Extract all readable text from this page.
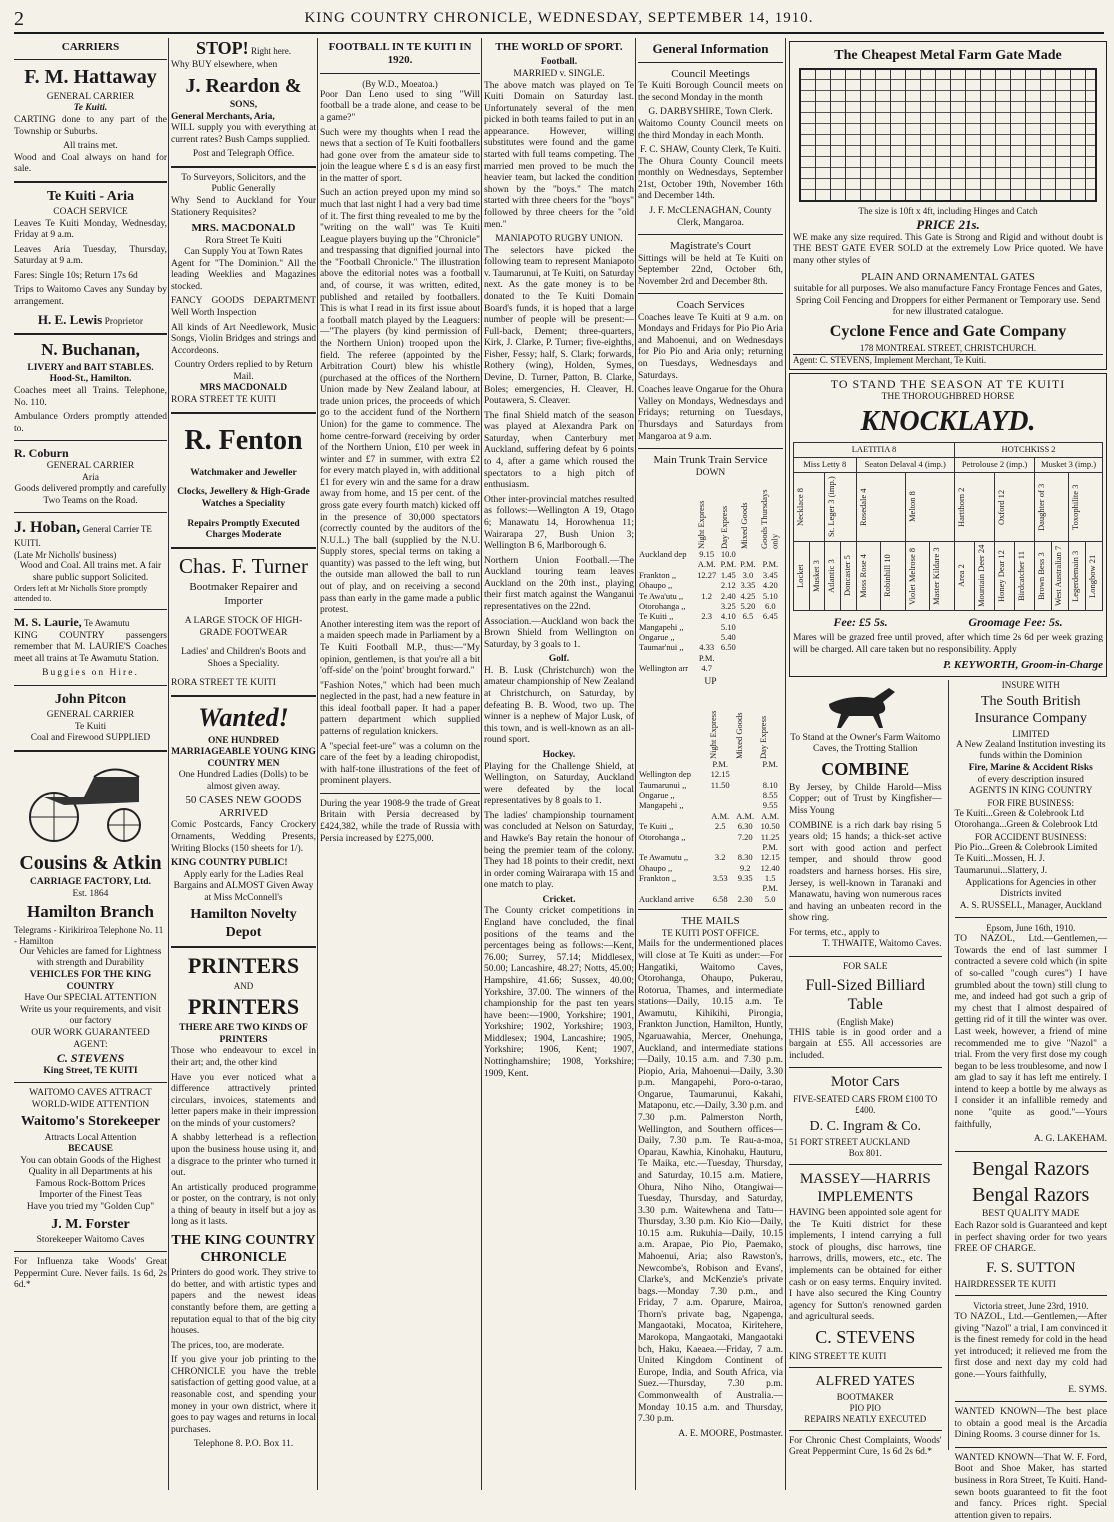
2	KING COUNTRY CHRONICLE, WEDNESDAY, SEPTEMBER 14, 1910.
CARRIERS
F. M. Hattaway
GENERAL CARRIER
Te Kuiti.

CARTING done to any part of the Township or Suburbs.

All trains met.

Wood and Coal always on hand for sale.

Te Kuiti - Aria
COACH SERVICE

Leaves Te Kuiti Monday, Wednesday, Friday at 9 a.m.

Leaves Aria Tuesday, Thursday, Saturday at 9 a.m.

Fares: Single 10s; Return 17s 6d

Trips to Waitomo Caves any Sunday by arrangement.

H. E. Lewis Proprietor
N. Buchanan,
LIVERY and BAIT STABLES.
Hood-St., Hamilton.

Coaches meet all Trains. Telephone, No. 110.

Ambulance Orders promptly attended to.

R. Coburn
GENERAL CARRIER
Aria
Goods delivered promptly and carefully
Two Teams on the Road.
J. Hoban, General Carrier TE KUITI.
(Late Mr Nicholls' business)
Wood and Coal. All trains met. A fair share public support Solicited.
Orders left at Mr Nicholls Store promptly attended to.
M. S. Laurie, Te Awamutu

KING COUNTRY passengers remember that M. LAURIE'S Coaches meet all trains at Te Awamutu Station.

Buggies on Hire.
John Pitcon
GENERAL CARRIER
Te Kuiti
Coal and Firewood SUPPLIED
Cousins & Atkin
CARRIAGE FACTORY, Ltd.
Est. 1864
Hamilton Branch
Telegrams - Kirikiriroa Telephone No. 11 - Hamilton
Our Vehicles are famed for Lightness with strength and Durability
VEHICLES FOR THE KING COUNTRY
Have Our SPECIAL ATTENTION
Write us your requirements, and visit our factory
OUR WORK GUARANTEED
AGENT:
C. STEVENS
King Street, TE KUITI
WAITOMO CAVES ATTRACT WORLD-WIDE ATTENTION
Waitomo's Storekeeper
Attracts Local Attention
BECAUSE
You can obtain Goods of the Highest Quality in all Departments at his Famous Rock-Bottom Prices
Importer of the Finest Teas
Have you tried my "Golden Cup"
J. M. Forster
Storekeeper Waitomo Caves

For Influenza take Woods' Great Peppermint Cure. Never fails. 1s 6d, 2s 6d.*

STOP! Right here.
Why BUY elsewhere, when
J. Reardon &
SONS,
General Merchants, Aria,

WILL supply you with everything at current rates? Bush Camps supplied.

Post and Telegraph Office.
To Surveyors, Solicitors, and the Public Generally

Why Send to Auckland for Your Stationery Requisites?

MRS. MACDONALD
Rora Street Te Kuiti
Can Supply You at Town Rates

Agent for "The Dominion." All the leading Weeklies and Magazines stocked.

FANCY GOODS DEPARTMENT Well Worth Inspection

All kinds of Art Needlework, Music Songs, Violin Bridges and strings and Accordeons.

Country Orders replied to by Return Mail.
MRS MACDONALD
RORA STREET TE KUITI
R. Fenton
Watchmaker and Jeweller
Clocks, Jewellery & High-Grade Watches a Speciality
Repairs Promptly Executed
Charges Moderate
Chas. F. Turner
Bootmaker Repairer and Importer
A LARGE STOCK OF HIGH-GRADE FOOTWEAR
Ladies' and Children's Boots and Shoes a Speciality.
RORA STREET TE KUITI
Wanted!
ONE HUNDRED MARRIAGEABLE YOUNG KING COUNTRY MEN
One Hundred Ladies (Dolls) to be almost given away.
50 CASES NEW GOODS ARRIVED

Comic Postcards, Fancy Crockery Ornaments, Wedding Presents, Writing Blocks (150 sheets for 1/).

KING COUNTRY PUBLIC!
Apply early for the Ladies Real Bargains and ALMOST Given Away at Miss McConnell's
Hamilton Novelty Depot
PRINTERS
AND
PRINTERS
THERE ARE TWO KINDS OF PRINTERS

Those who endeavour to excel in their art; and, the other kind

Have you ever noticed what a difference attractively printed circulars, invoices, statements and letter papers make in their impression on the minds of your customers?

A shabby letterhead is a reflection upon the business house using it, and a disgrace to the printer who turned it out.

An artistically produced programme or poster, on the contrary, is not only a thing of beauty in itself but a joy as long as it lasts.

THE KING COUNTRY CHRONICLE

Printers do good work. They strive to do better, and with artistic types and papers and the newest ideas constantly before them, are getting a reputation equal to that of the big city houses.

The prices, too, are moderate.

If you give your job printing to the CHRONICLE you have the treble satisfaction of getting good value, at a reasonable cost, and spending your money in your own district, where it goes to pay wages and returns in local purchases.

Telephone 8. P.O. Box 11.
FOOTBALL IN TE KUITI IN 1920.
(By W.D., Moeatoa.)

Poor Dan Leno used to sing "Will football be a trade alone, and cease to be a game?"

Such were my thoughts when I read the news that a section of Te Kuiti footballers had gone over from the amateur side to join the league where £ s d is an easy first in the matter of sport.

Such an action preyed upon my mind so much that last night I had a very bad time of it. The first thing revealed to me by the "writing on the wall" was Te Kuiti League players buying up the "Chronicle" and trespassing that dignified journal into the "Football Chronicle." The illustration above the editorial notes was a football and, of course, it was written, edited, published and retailed by footballers. This is what I read in its first issue about a football match played by the Leaguers:—"The players (by kind permission of the Northern Union) trooped upon the field. The referee (appointed by the Arbitration Court) blew his whistle (purchased at the offices of the Northern Union made by New Zealand labour, at trade union prices, the proceeds of which go to the accident fund of the Northern Union) for the game to commence. The home centre-forward (receiving by order of the Northern Union, £10 per week in winter and £7 in summer, with extra £2 for every match played in, with additional £1 for every win and the same for a draw away from home, and 15 per cent. of the gross gate every fourth match) kicked off in the presence of 30,000 spectators (correctly counted by the auditors of the N.U.L.) The ball (supplied by the N.U. Supply stores, special terms on taking a quantity) was passed to the left wing, but the outside man allowed the ball to run out of play, and on receiving a second pass than early in the game made a public protest.

Another interesting item was the report of a maiden speech made in Parliament by a Te Kuiti Football M.P., thus:—"My opinion, gentlemen, is that you're all a bit 'off-side' on the 'point' brought forward."

"Fashion Notes," which had been much neglected in the past, had a new feature in this ideal football paper. It had a paper pattern department which supplied patterns of regulation knickers.

A "special feet-ure" was a column on the care of the feet by a leading chiropodist, with half-tone illustrations of the feet of prominent players.

During the year 1908-9 the trade of Great Britain with Persia decreased by £424,382, while the trade of Russia with Persia increased by £275,000.

THE WORLD OF SPORT.
Football.
MARRIED v. SINGLE.

The above match was played on Te Kuiti Domain on Saturday last. Unfortunately several of the men picked in both teams failed to put in an appearance. However, willing substitutes were found and the game started with full teams competing. The married men proved to be much the heavier team, but lacked the condition shown by the "boys." The match started with three cheers for the "boys" followed by three cheers for the "old men."

MANIAPOTO RUGBY UNION.

The selectors have picked the following team to represent Maniapoto v. Taumarunui, at Te Kuiti, on Saturday next. As the gate money is to be donated to the Te Kuiti Domain Board's funds, it is hoped that a large number of people will be present:—Full-back, Dement; three-quarters, Kirk, J. Clarke, P. Turner; five-eighths, Fisher, Fessy; half, S. Clark; forwards, Rothery (wing), Holden, Symes, Devine, D. Turner, Patton, B. Clarke, Boles; emergencies, H. Cleaver, H. Poutawera, S. Cleaver.

The final Shield match of the season was played at Alexandra Park on Saturday, when Canterbury met Auckland, suffering defeat by 6 points to 4, after a game which roused the spectators to a high pitch of enthusiasm.

Other inter-provincial matches resulted as follows:—Wellington A 19, Otago 6; Manawatu 14, Horowhenua 11; Wairarapa 27, Bush Union 3; Wellington B 6, Marlborough 6.

Northern Union Football.—The Auckland touring team leaves Auckland on the 20th inst., playing their first match against the Wanganui representatives on the 22nd.

Association.—Auckland won back the Brown Shield from Wellington on Saturday, by 3 goals to 1.

Golf.

H. B. Lusk (Christchurch) won the amateur championship of New Zealand at Christchurch, on Saturday, by defeating B. B. Wood, two up. The winner is a nephew of Major Lusk, of this town, and is well-known as an all-round sport.

Hockey.

Playing for the Challenge Shield, at Wellington, on Saturday, Auckland were defeated by the local representatives by 8 goals to 1.

The ladies' championship tournament was concluded at Nelson on Saturday, and Hawke's Bay retain the honour of being the premier team of the colony. They had 18 points to their credit, next in order coming Wairarapa with 15 and one match to play.

Cricket.

The County cricket competitions in England have concluded, the final positions of the teams and the percentages being as follows:—Kent, 76.00; Surrey, 57.14; Middlesex, 50.00; Lancashire, 48.27; Notts, 45.00; Hampshire, 41.66; Sussex, 40.00; Yorkshire, 37.00. The winners of the championship for the past ten years have been:—1900, Yorkshire; 1901, Yorkshire; 1902, Yorkshire; 1903, Middlesex; 1904, Lancashire; 1905, Yorkshire; 1906, Kent; 1907, Nottinghamshire; 1908, Yorkshire; 1909, Kent.

General Information
Council Meetings

Te Kuiti Borough Council meets on the second Monday in the month

G. DARBYSHIRE, Town Clerk.

Waitomo County Council meets on the third Monday in each Month.

F. C. SHAW, County Clerk, Te Kuiti.

The Ohura County Council meets monthly on Wednesdays, September 21st, October 19th, November 16th and December 14th.

J. F. McCLENAGHAN, County Clerk, Mangaroa.
Magistrate's Court

Sittings will be held at Te Kuiti on September 22nd, October 6th, November 2rd and December 8th.

Coach Services

Coaches leave Te Kuiti at 9 a.m. on Mondays and Fridays for Pio Pio Aria and Mahoenui, and on Wednesdays for Pio Pio and Aria only; returning on Tuesdays, Wednesdays and Saturdays.

Coaches leave Ongarue for the Ohura Valley on Mondays, Wednesdays and Fridays; returning on Tuesdays, Thursdays and Saturdays from Mangaroa at 9 a.m.

Main Trunk Train Service
DOWN

	Night Express	Day Express	Mixed Goods	Goods Thursdays only

Auckland dep	9.15	10.0		
	A.M.	P.M.	P.M.	P.M.
Frankton ,,	12.27	1.45	3.0	3.45
Ohaupo ,,		2.12	3.35	4.20
Te Awa'utu ,,	1.2	2.40	4.25	5.10
Otorohanga ,,		3.25	5.20	6.0
Te Kuiti ,,	2.3	4.10	6.5	6.45
Mangapehi ,,		5.10		
Ongarue ,,		5.40		
Taumar'nui ,,	4.33	6.50		
	P.M.			
Wellington arr	4.7			
UP

	Night Express	Mixed Goods	Day Express

	P.M.		P.M.
Wellington dep	12.15		
Taumarunui ,,	11.50		8.10
Ongarue ,,			8.55
Mangapehi ,,			9.55
	A.M.	A.M.	A.M.
Te Kuiti ,,	2.5	6.30	10.50
Otorohanga ,,		7.20	11.25
			P.M.
Te Awamutu ,,	3.2	8.30	12.15
Ohaupo ,,		9.2	12.40
Frankton ,,	3.53	9.35	1.5
			P.M.
Auckland arrive	6.58	2.30	5.0
THE MAILS
TE KUITI POST OFFICE.

Mails for the undermentioned places will close at Te Kuiti as under:—For Hangatiki, Waitomo Caves, Otorohanga, Ohaupo, Pukerau, Rotorua, Thames, and intermediate stations—Daily, 10.15 a.m. Te Awamutu, Kihikihi, Pirongia, Frankton Junction, Hamilton, Huntly, Ngaruawahia, Mercer, Onehunga, Auckland, and intermediate stations—Daily, 10.15 a.m. and 7.30 p.m. Piopio, Aria, Mahoenui—Daily, 3.30 p.m. Mangapehi, Poro-o-tarao, Ongarue, Taumarunui, Kakahi, Mataponu, etc.—Daily, 3.30 p.m. and 7.30 p.m. Palmerston North, Wellington, and Southern offices—Daily, 7.30 p.m. Te Rau-a-moa, Oparau, Kawhia, Kinohaku, Hauturu, Te Maika, etc.—Tuesday, Thursday, and Saturday, 10.15 a.m. Matiere, Ohura, Niho Niho, Otangiwai—Tuesday, Thursday, and Saturday, 3.30 p.m. Waitewhena and Tatu—Thursday, 3.30 p.m. Kio Kio—Daily, 10.15 a.m. Rukuhia—Daily, 10.15 a.m. Arapae, Pio Pio, Paemako, Mahoenui, Aria; also Rawston's, Newcombe's, Robison and Evans', Clarke's, and McKenzie's private bags.—Monday 7.30 p.m., and Friday, 7 a.m. Oparure, Mairoa, Thorn's private bag, Ngapenga, Mangaotaki, Mocatoa, Kiritehere, Marokopa, Mangaotaki, Mangaotaki bch, Haku, Kaeaea.—Friday, 7 a.m. United Kingdom Continent of Europe, India, and South Africa, via Suez.—Thursday, 7.30 p.m. Commonwealth of Australia.—Monday 10.15 a.m. and Thursday, 7.30 p.m.

A. E. MOORE, Postmaster.
The Cheapest Metal Farm Gate Made
The size is 10ft x 4ft, including Hinges and Catch
PRICE 21s.

WE make any size required. This Gate is Strong and Rigid and without doubt is THE BEST GATE EVER SOLD at the extremely Low Price quoted. We have many other styles of

PLAIN AND ORNAMENTAL GATES

suitable for all purposes. We also manufacture Fancy Frontage Fences and Gates, Spring Coil Fencing and Droppers for either Permanent or Temporary use. Send for new illustrated catalogue.

Cyclone Fence and Gate Company
178 MONTREAL STREET, CHRISTCHURCH.
Agent: C. STEVENS, Implement Merchant, Te Kuiti.
TO STAND THE SEASON AT TE KUITI
THE THOROUGHBRED HORSE
KNOCKLAYD.
LAETITIA 8								HOTCHKISS 2							
Miss Letty 8				Seaton Delaval 4 (imp.)				Petrolouse 2 (imp.)				Musket 3 (imp.)			

Necklace 8		St. Leger 3 (imp.)		Rosedale 4		Melton 8		Hartthorn 2		Oxford 12		Daughter of 3		Toxophilite 3	

Locket	Musket 3	Atlantic 3	Doncaster 5	Moss Rose 4	Robinhill 10	Violet Melrose 8	Master Kildare 3	Area 2	Mountain Deer 24	Honey Dear 12	Birdcatcher 11	Brown Bess 3	West Australian 7	Legerdemain 3	Longbow 21
Fee: £5 5s.	Groomage Fee: 5s.

Mares will be grazed free until proved, after which time 2s 6d per week grazing will be charged. All care taken but no responsibility. Apply

P. KEYWORTH, Groom-in-Charge

To Stand at the Owner's Farm Waitomo Caves, the Trotting Stallion

COMBINE

By Jersey, by Childe Harold—Miss Copper; out of Trust by Kingfisher—Miss Young

COMBINE is a rich dark bay rising 5 years old; 15 hands; a thick-set active sort with good action and perfect temper, and should throw good roadsters and harness horses. His sire, Jersey, is well-known in Taranaki and Manawatu, having won numerous races and having an unbeaten record in the show ring.

For terms, etc., apply to
T. THWAITE, Waitomo Caves.
FOR SALE
Full-Sized Billiard Table
(English Make)

THIS table is in good order and a bargain at £55. All accessories are included.

Motor Cars
FIVE-SEATED CARS FROM £100 TO £400.
D. C. Ingram & Co.
51 FORT STREET AUCKLAND
Box 801.
MASSEY—HARRIS IMPLEMENTS

HAVING been appointed sole agent for the Te Kuiti district for these implements, I intend carrying a full stock of ploughs, disc harrows, tine harrows, drills, mowers, etc., etc. The implements can be obtained for either cash or on easy terms. Enquiry invited. I have also secured the King Country agency for Sutton's renowned garden and agricultural seeds.

C. STEVENS
KING STREET TE KUITI
ALFRED YATES
BOOTMAKER
PIO PIO
REPAIRS NEATLY EXECUTED

For Chronic Chest Complaints, Woods' Great Peppermint Cure, 1s 6d 2s 6d.*

INSURE WITH
The South British Insurance Company
LIMITED
A New Zealand Institution investing its funds within the Dominion
Fire, Marine & Accident Risks
of every description insured
AGENTS IN KING COUNTRY
FOR FIRE BUSINESS:
Te Kuiti...Green & Colebrook Ltd Otorohanga...Green & Colebrook Ltd
FOR ACCIDENT BUSINESS:
Pio Pio...Green & Colebrook Limited Te Kuiti...Mossen, H. J. Taumarunui...Slattery, J.
Applications for Agencies in other Districts invited
A. S. RUSSELL, Manager, Auckland
Epsom, June 16th, 1910.

TO NAZOL, Ltd.—Gentlemen,—Towards the end of last summer I contracted a severe cold which (in spite of so-called "cough cures") I have grumbled about the town) still clung to me, and indeed had got such a grip of my chest that I almost despaired of getting rid of it till the winter was over. Last week, however, a friend of mine recommended me to give "Nazol" a trial. From the very first dose my cough began to be less troublesome, and now I am glad to say it has left me entirely. I intend to keep a bottle by me always as I consider it an infallible remedy and none "quite as good."—Yours faithfully,

A. G. LAKEHAM.
Bengal Razors
Bengal Razors
BEST QUALITY MADE

Each Razor sold is Guaranteed and kept in perfect shaving order for two years FREE OF CHARGE.

F. S. SUTTON
HAIRDRESSER TE KUITI
Victoria street, June 23rd, 1910.

TO NAZOL, Ltd.—Gentlemen,—After giving "Nazol" a trial, I am convinced it is the finest remedy for cold in the head yet introduced; it relieved me from the first dose and next day my cold had gone.—Yours faithfully,

E. SYMS.

WANTED KNOWN—The best place to obtain a good meal is the Arcadia Dining Rooms. 3 course dinner for 1s.

WANTED KNOWN—That W. F. Ford, Boot and Shoe Maker, has started business in Rora Street, Te Kuiti. Hand-sewn boots guaranteed to fit the foot and fancy. Prices right. Special attention given to repairs.
